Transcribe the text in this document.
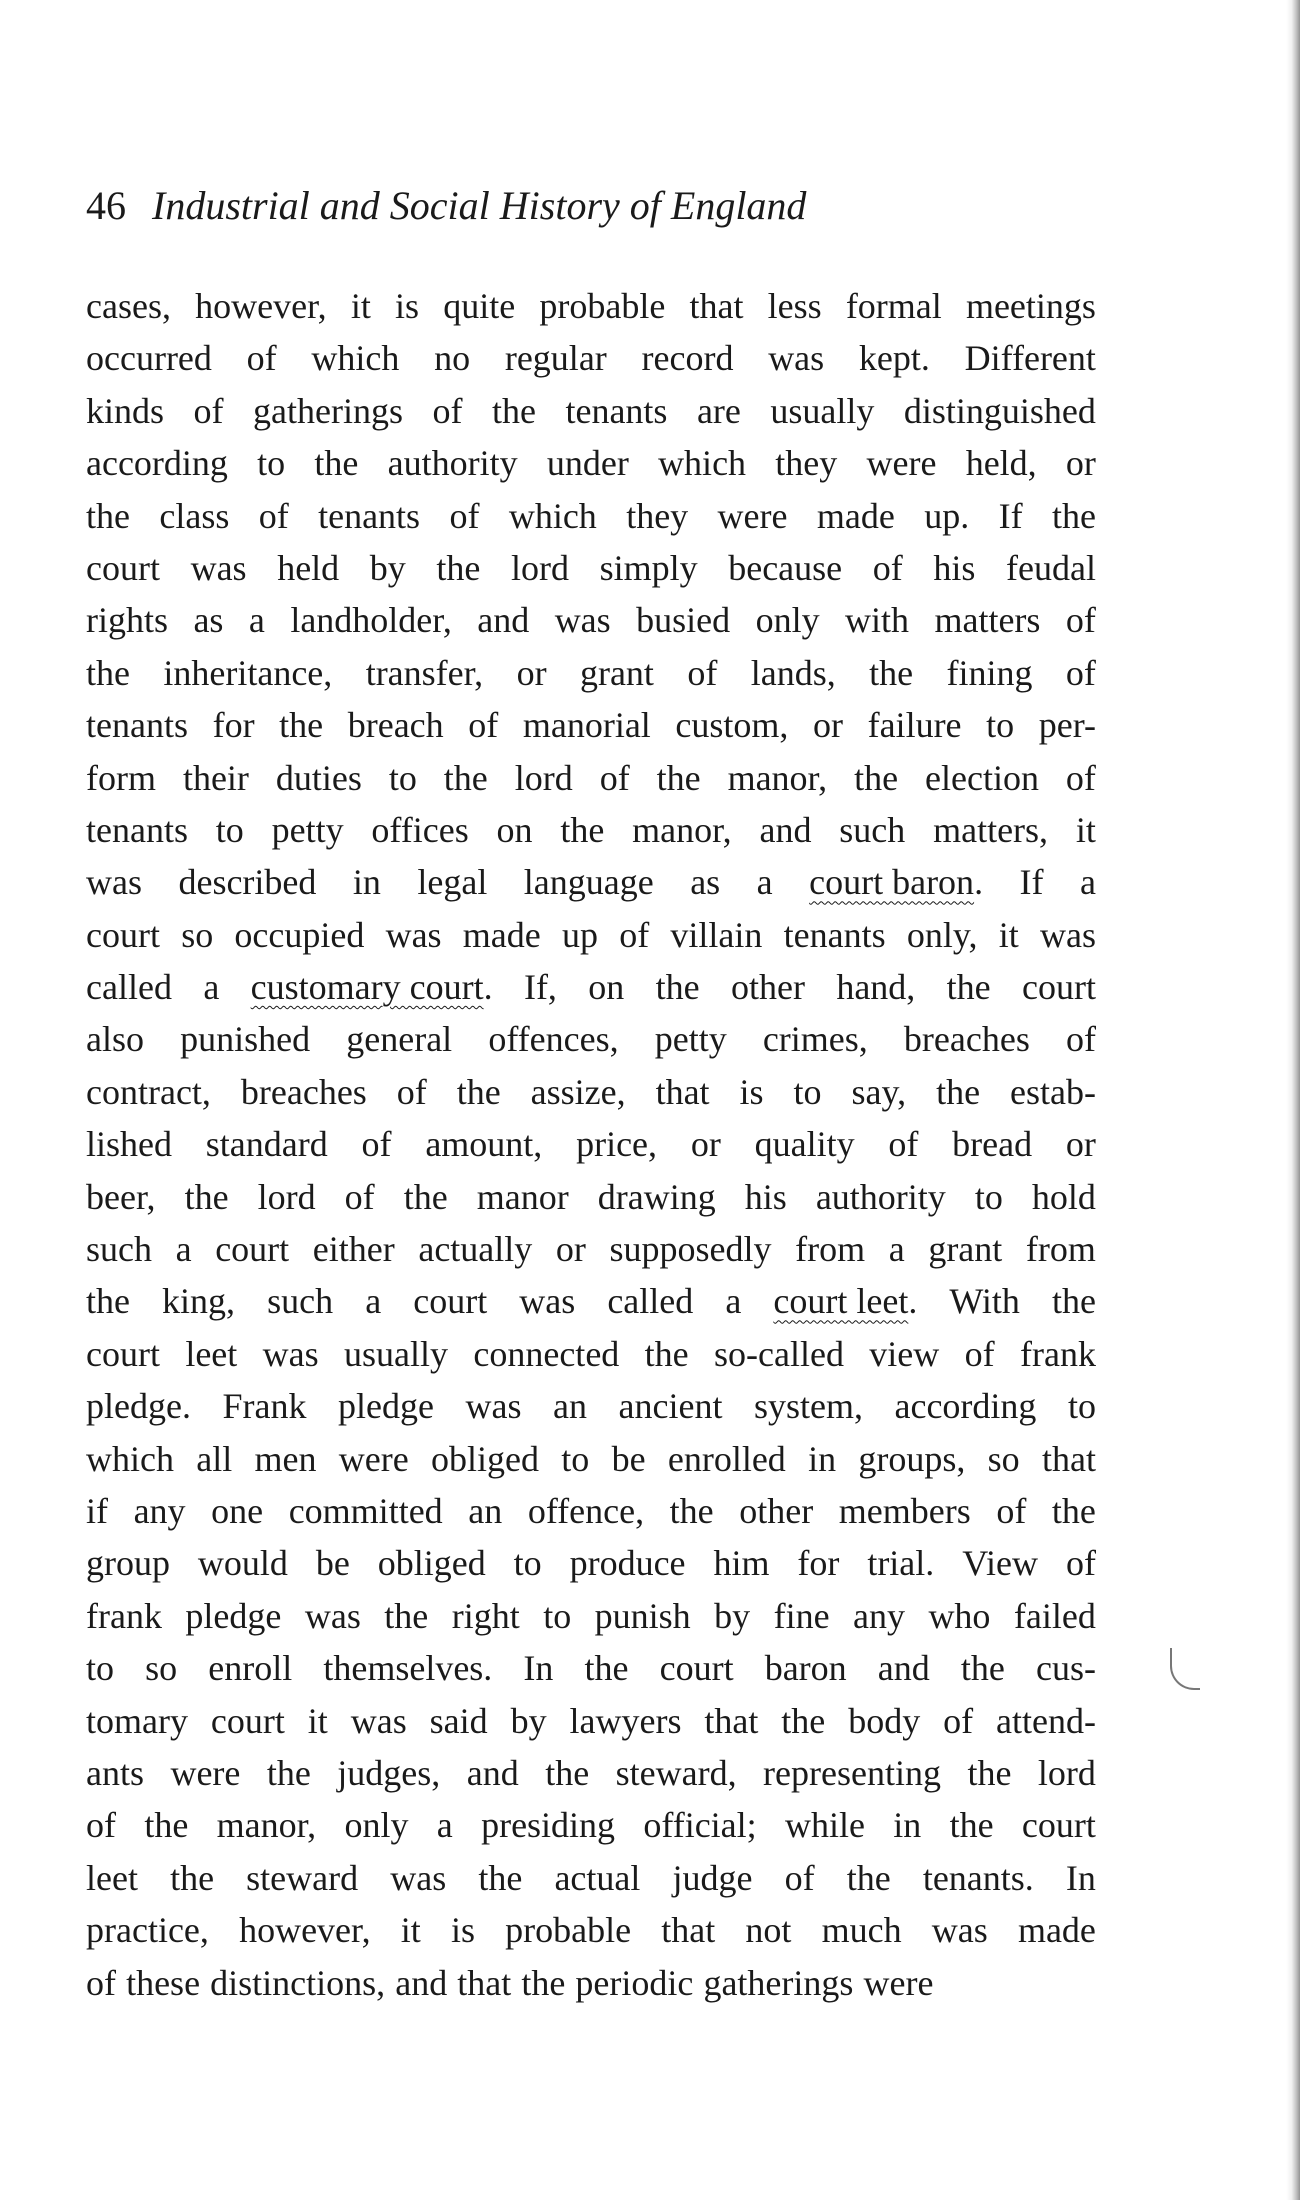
46 Industrial and Social History of England
cases, however, it is quite probable that less formal meetings
occurred of which no regular record was kept. Different
kinds of gatherings of the tenants are usually distinguished
according to the authority under which they were held, or
the class of tenants of which they were made up. If the
court was held by the lord simply because of his feudal
rights as a landholder, and was busied only with matters of
the inheritance, transfer, or grant of lands, the fining of
tenants for the breach of manorial custom, or failure to per-
form their duties to the lord of the manor, the election of
tenants to petty offices on the manor, and such matters, it
was described in legal language as a court baron. If a
court so occupied was made up of villain tenants only, it was
called a customary court. If, on the other hand, the court
also punished general offences, petty crimes, breaches of
contract, breaches of the assize, that is to say, the estab-
lished standard of amount, price, or quality of bread or
beer, the lord of the manor drawing his authority to hold
such a court either actually or supposedly from a grant from
the king, such a court was called a court leet. With the
court leet was usually connected the so-called view of frank
pledge. Frank pledge was an ancient system, according to
which all men were obliged to be enrolled in groups, so that
if any one committed an offence, the other members of the
group would be obliged to produce him for trial. View of
frank pledge was the right to punish by fine any who failed
to so enroll themselves. In the court baron and the cus-
tomary court it was said by lawyers that the body of attend-
ants were the judges, and the steward, representing the lord
of the manor, only a presiding official; while in the court
leet the steward was the actual judge of the tenants. In
practice, however, it is probable that not much was made
of these distinctions, and that the periodic gatherings were
